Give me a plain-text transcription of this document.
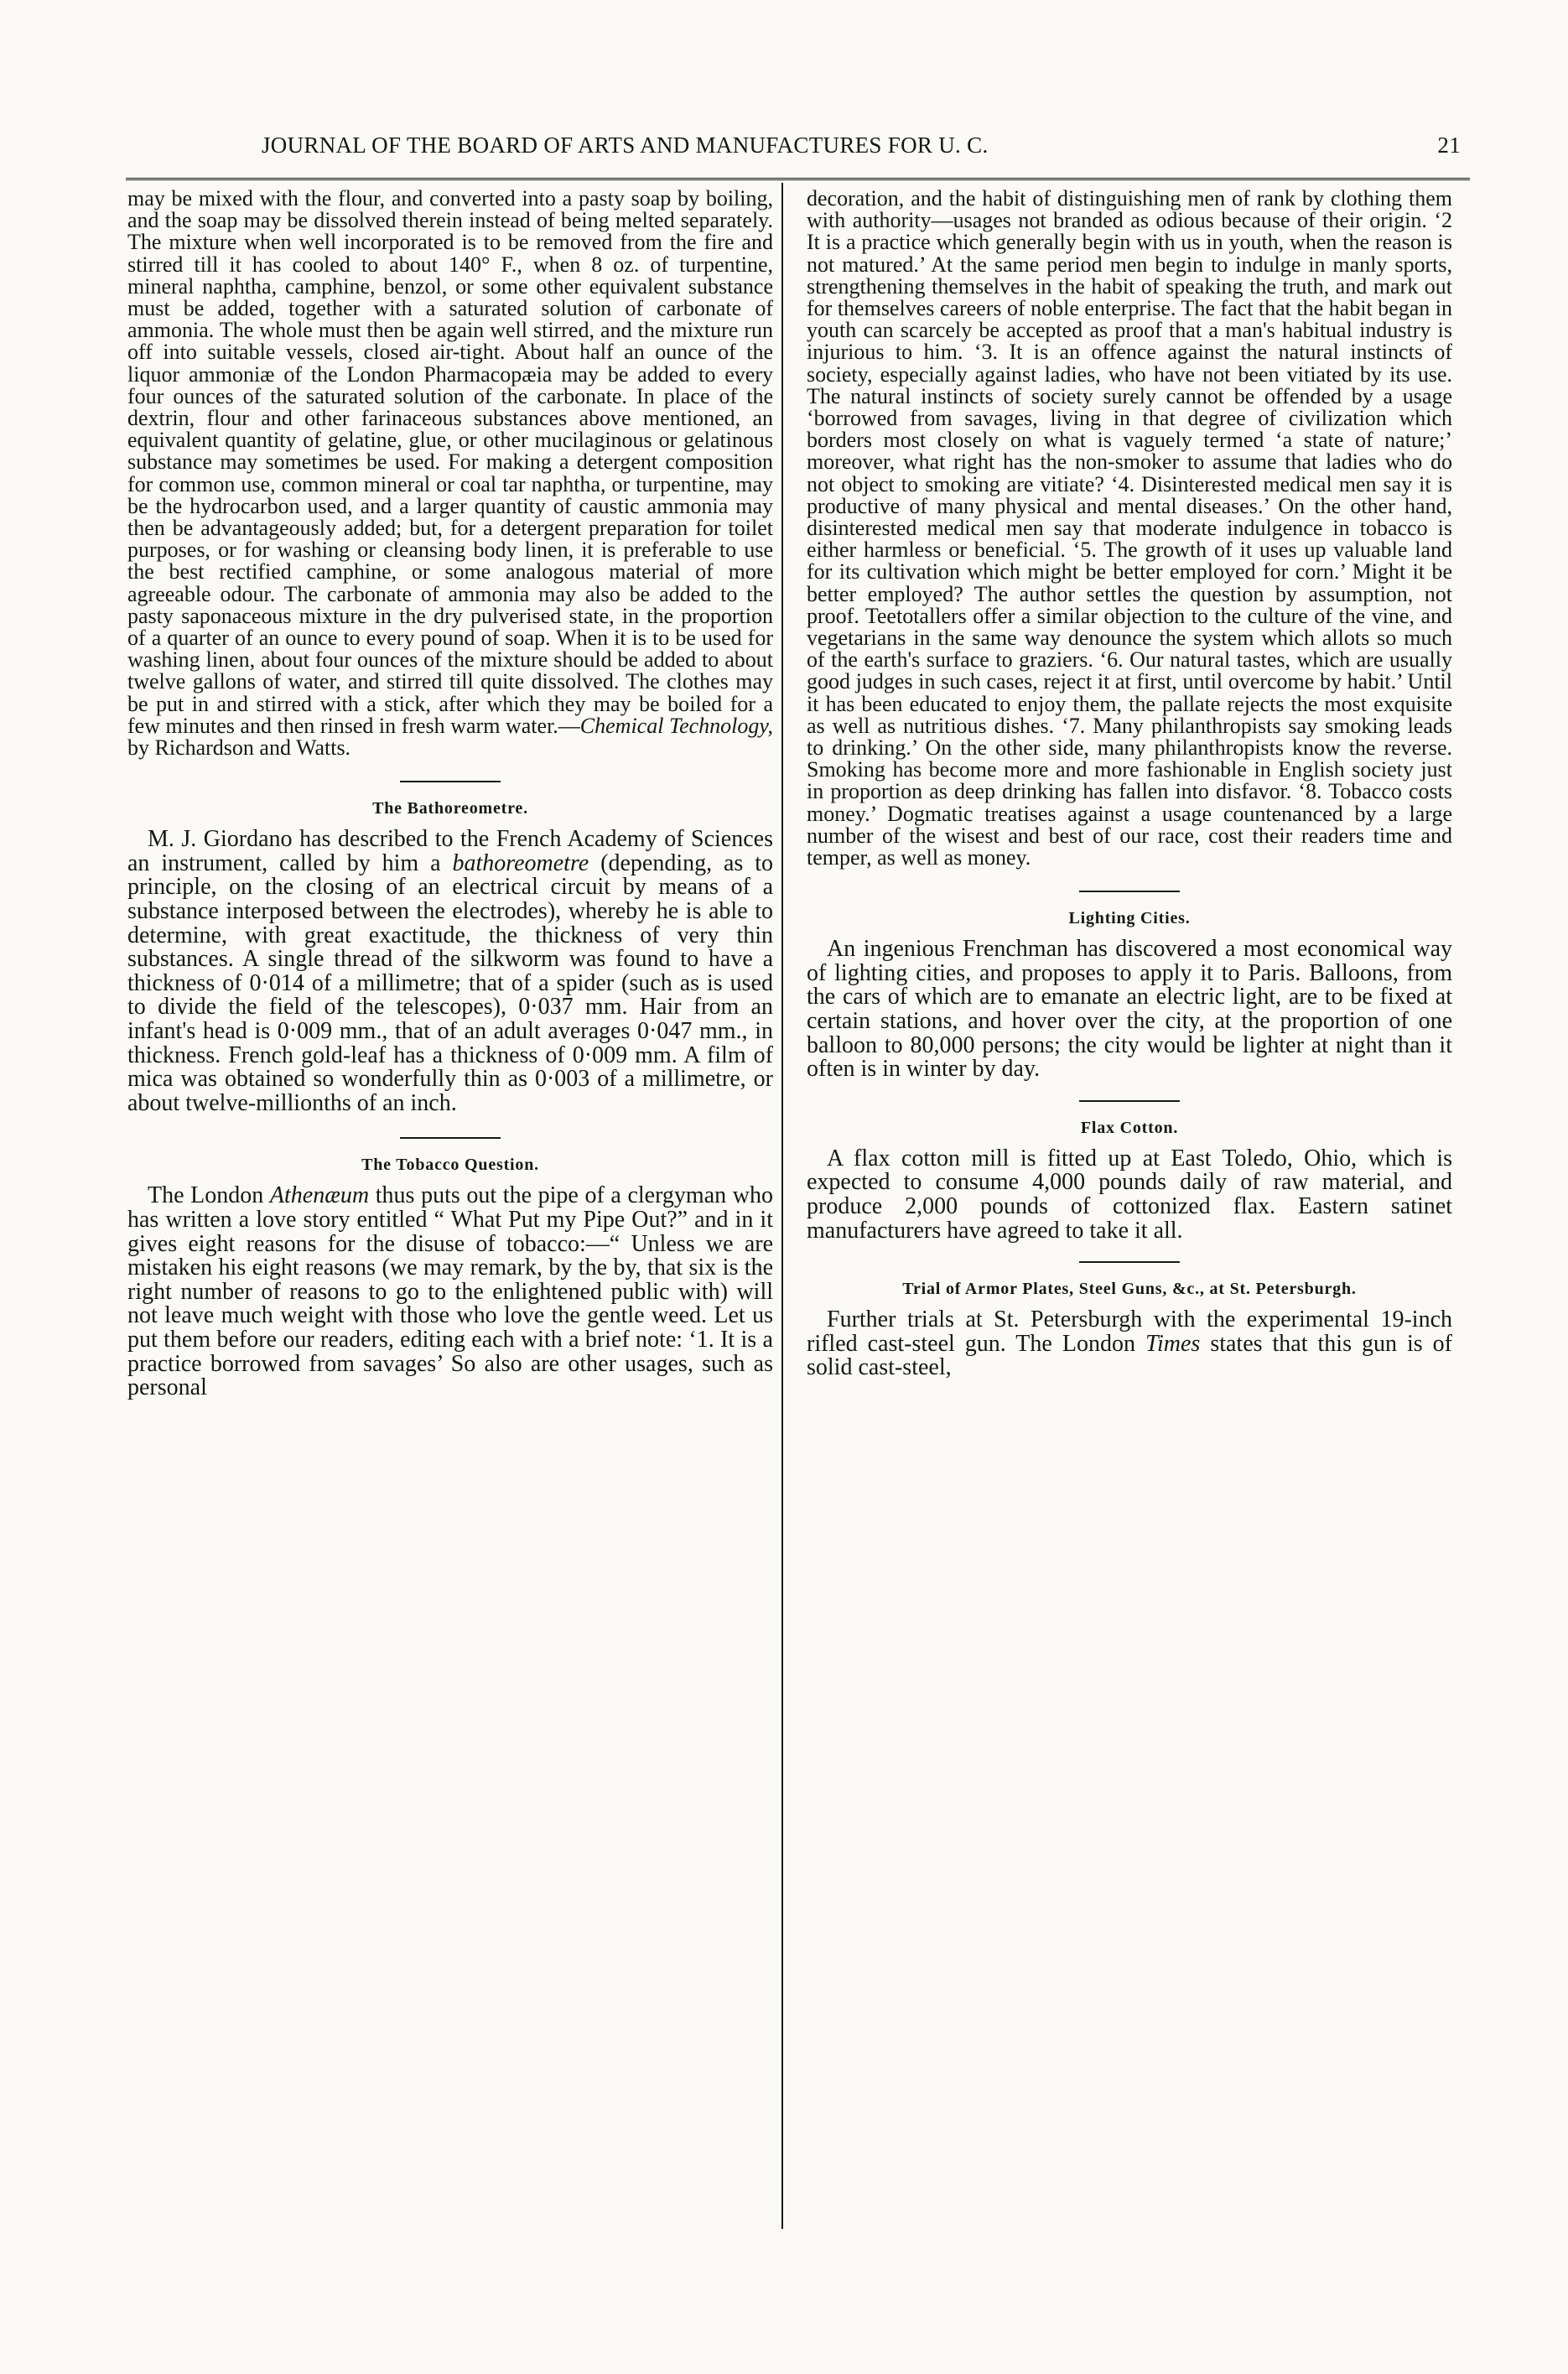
JOURNAL OF THE BOARD OF ARTS AND MANUFACTURES FOR U. C.	21

may be mixed with the flour, and converted into a pasty soap by boiling, and the soap may be dissolved therein instead of being melted separately. The mixture when well incorporated is to be removed from the fire and stirred till it has cooled to about 140° F., when 8 oz. of turpentine, mineral naphtha, camphine, benzol, or some other equivalent substance must be added, together with a saturated solution of carbonate of ammonia. The whole must then be again well stirred, and the mixture run off into suitable vessels, closed air-tight. About half an ounce of the liquor ammoniæ of the London Pharmacopæia may be added to every four ounces of the saturated solution of the carbonate. In place of the dextrin, flour and other farinaceous substances above mentioned, an equivalent quantity of gelatine, glue, or other mucilaginous or gelatinous substance may sometimes be used. For making a detergent composition for common use, common mineral or coal tar naphtha, or turpentine, may be the hydrocarbon used, and a larger quantity of caustic ammonia may then be advantageously added; but, for a detergent preparation for toilet purposes, or for washing or cleansing body linen, it is preferable to use the best rectified camphine, or some analogous material of more agreeable odour. The carbonate of ammonia may also be added to the pasty saponaceous mixture in the dry pulverised state, in the proportion of a quarter of an ounce to every pound of soap. When it is to be used for washing linen, about four ounces of the mixture should be added to about twelve gallons of water, and stirred till quite dissolved. The clothes may be put in and stirred with a stick, after which they may be boiled for a few minutes and then rinsed in fresh warm water.—Chemical Technology, by Richardson and Watts.

The Bathoreometre.

M. J. Giordano has described to the French Academy of Sciences an instrument, called by him a bathoreometre (depending, as to principle, on the closing of an electrical circuit by means of a substance interposed between the electrodes), whereby he is able to determine, with great exactitude, the thickness of very thin substances. A single thread of the silkworm was found to have a thickness of 0·014 of a millimetre; that of a spider (such as is used to divide the field of the telescopes), 0·037 mm. Hair from an infant's head is 0·009 mm., that of an adult averages 0·047 mm., in thickness. French gold-leaf has a thickness of 0·009 mm. A film of mica was obtained so wonderfully thin as 0·003 of a millimetre, or about twelve-millionths of an inch.

The Tobacco Question.

The London Athenæum thus puts out the pipe of a clergyman who has written a love story entitled “ What Put my Pipe Out?” and in it gives eight reasons for the disuse of tobacco:—“ Unless we are mistaken his eight reasons (we may remark, by the by, that six is the right number of reasons to go to the enlightened public with) will not leave much weight with those who love the gentle weed. Let us put them before our readers, editing each with a brief note: ‘1. It is a practice borrowed from savages’ So also are other usages, such as personal

decoration, and the habit of distinguishing men of rank by clothing them with authority—usages not branded as odious because of their origin. ‘2 It is a practice which generally begin with us in youth, when the reason is not matured.’ At the same period men begin to indulge in manly sports, strengthening themselves in the habit of speaking the truth, and mark out for themselves careers of noble enterprise. The fact that the habit began in youth can scarcely be accepted as proof that a man's habitual industry is injurious to him. ‘3. It is an offence against the natural instincts of society, especially against ladies, who have not been vitiated by its use. The natural instincts of society surely cannot be offended by a usage ‘borrowed from savages, living in that degree of civilization which borders most closely on what is vaguely termed ‘a state of nature;’ moreover, what right has the non-smoker to assume that ladies who do not object to smoking are vitiate? ‘4. Disinterested medical men say it is productive of many physical and mental diseases.’ On the other hand, disinterested medical men say that moderate indulgence in tobacco is either harmless or beneficial. ‘5. The growth of it uses up valuable land for its cultivation which might be better employed for corn.’ Might it be better employed? The author settles the question by assumption, not proof. Teetotallers offer a similar objection to the culture of the vine, and vegetarians in the same way denounce the system which allots so much of the earth's surface to graziers. ‘6. Our natural tastes, which are usually good judges in such cases, reject it at first, until overcome by habit.’ Until it has been educated to enjoy them, the pallate rejects the most exquisite as well as nutritious dishes. ‘7. Many philanthropists say smoking leads to drinking.’ On the other side, many philanthropists know the reverse. Smoking has become more and more fashionable in English society just in proportion as deep drinking has fallen into disfavor. ‘8. Tobacco costs money.’ Dogmatic treatises against a usage countenanced by a large number of the wisest and best of our race, cost their readers time and temper, as well as money.

Lighting Cities.

An ingenious Frenchman has discovered a most economical way of lighting cities, and proposes to apply it to Paris. Balloons, from the cars of which are to emanate an electric light, are to be fixed at certain stations, and hover over the city, at the proportion of one balloon to 80,000 persons; the city would be lighter at night than it often is in winter by day.

Flax Cotton.

A flax cotton mill is fitted up at East Toledo, Ohio, which is expected to consume 4,000 pounds daily of raw material, and produce 2,000 pounds of cottonized flax. Eastern satinet manufacturers have agreed to take it all.

Trial of Armor Plates, Steel Guns, &c., at St. Petersburgh.

Further trials at St. Petersburgh with the experimental 19-inch rifled cast-steel gun. The London Times states that this gun is of solid cast-steel,
